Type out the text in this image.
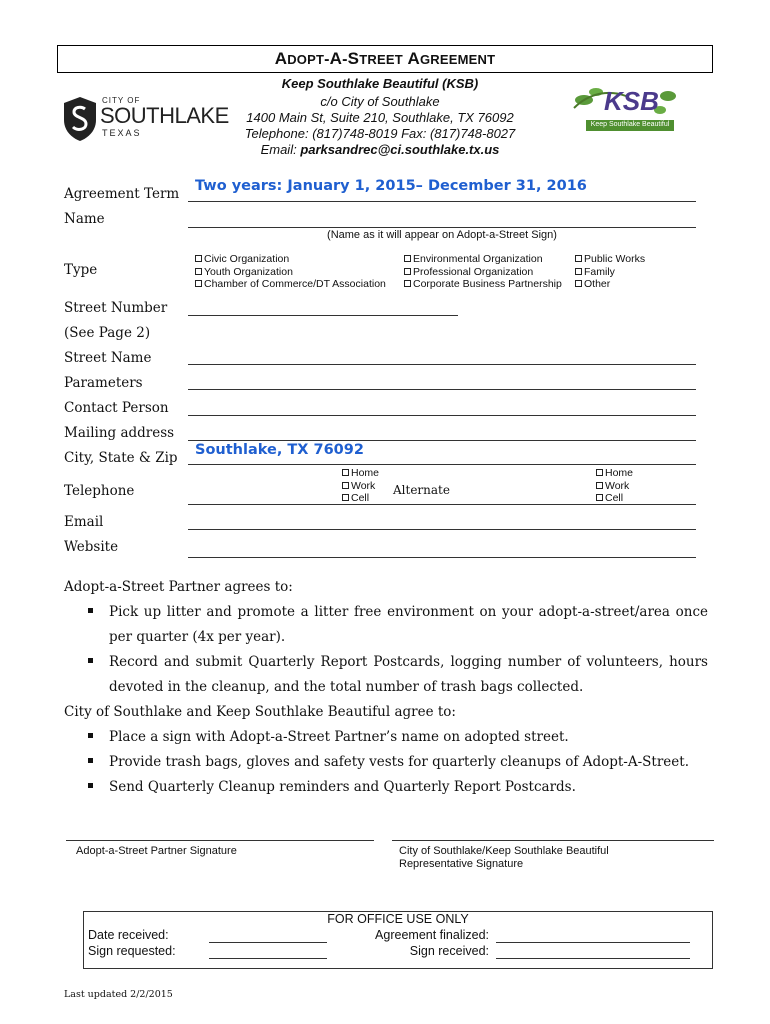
ADOPT-A-STREET AGREEMENT
CITY OF
SOUTHLAKE
TEXAS
Keep Southlake Beautiful (KSB)
c/o City of Southlake
1400 Main St, Suite 210, Southlake, TX 76092
Telephone: (817)748-8019 Fax: (817)748-8027
Email: parksandrec@ci.southlake.tx.us
KSB
Keep Southlake Beautiful
Agreement Term Two years: January 1, 2015– December 31, 2016
Name
(Name as it will appear on Adopt-a-Street Sign)
Type
Civic Organization
Youth Organization
Chamber of Commerce/DT Association
Environmental Organization
Professional Organization
Corporate Business Partnership
Public Works
Family
Other
Street Number
(See Page 2)
Street Name
Parameters
Contact Person
Mailing address
City, State & Zip Southlake, TX 76092
Telephone
Home
Work
Cell
Alternate
Home
Work
Cell
Email
Website
Adopt-a-Street Partner agrees to:
Pick up litter and promote a litter free environment on your adopt-a-street/area once per quarter (4x per year).
Record and submit Quarterly Report Postcards, logging number of volunteers, hours devoted in the cleanup, and the total number of trash bags collected.
City of Southlake and Keep Southlake Beautiful agree to:
Place a sign with Adopt-a-Street Partner’s name on adopted street.
Provide trash bags, gloves and safety vests for quarterly cleanups of Adopt-A-Street.
Send Quarterly Cleanup reminders and Quarterly Report Postcards.
Adopt-a-Street Partner Signature	City of Southlake/Keep Southlake Beautiful
Representative Signature
FOR OFFICE USE ONLY
Date received:
Sign requested:
Agreement finalized:
Sign received:
Last updated 2/2/2015
